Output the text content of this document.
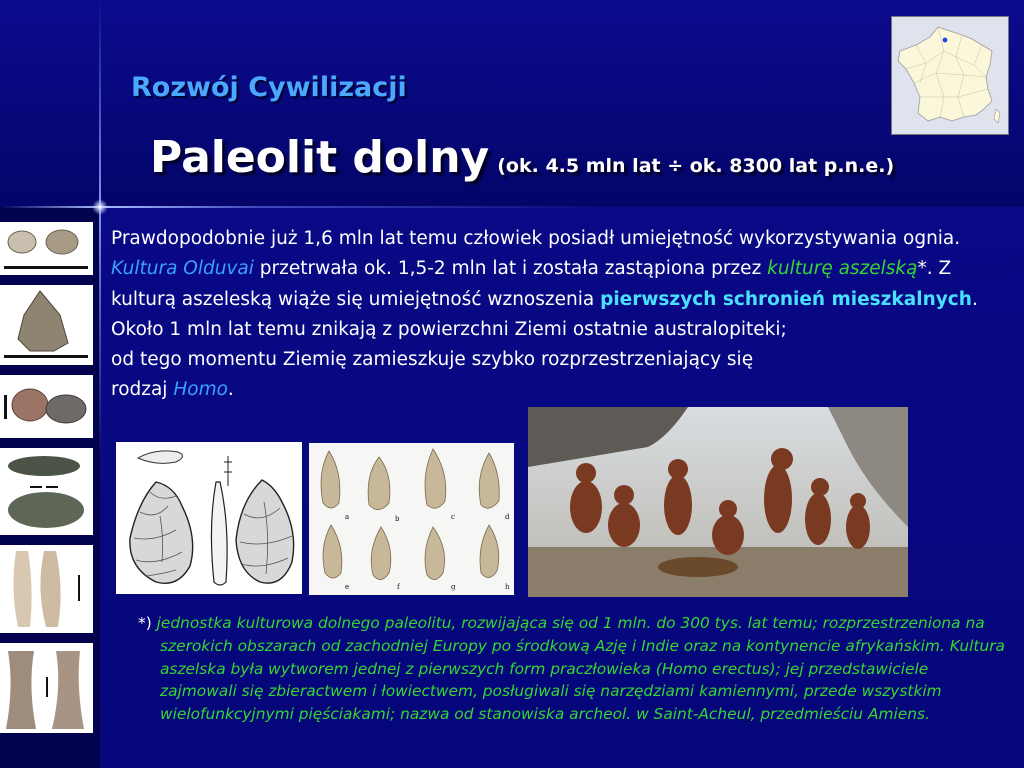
Rozwój Cywilizacji
Paleolit dolny (ok. 4.5 mln lat ÷ ok. 8300 lat p.n.e.)

Prawdopodobnie już 1,6 mln lat temu człowiek posiadł umiejętność wykorzystywania ognia. Kultura Olduvai przetrwała ok. 1,5-2 mln lat i została zastąpiona przez kulturę aszelską*. Z kulturą aszeleską wiąże się umiejętność wznoszenia pierwszych schronień mieszkalnych.

Około 1 mln lat temu znikają z powierzchni Ziemi ostatnie australopiteki;

od tego momentu Ziemię zamieszkuje szybko rozprzestrzeniający się

rodzaj Homo.

a	b	c	d
e	f	g	h
*) jednostka kulturowa dolnego paleolitu, rozwijająca się od 1 mln. do 300 tys. lat temu; rozprzestrzeniona na szerokich obszarach od zachodniej Europy po środkową Azję i Indie oraz na kontynencie afrykańskim. Kultura aszelska była wytworem jednej z pierwszych form praczłowieka (Homo erectus); jej przedstawiciele zajmowali się zbieractwem i łowiectwem, posługiwali się narzędziami kamiennymi, przede wszystkim wielofunkcyjnymi pięściakami; nazwa od stanowiska archeol. w Saint-Acheul, przedmieściu Amiens.
